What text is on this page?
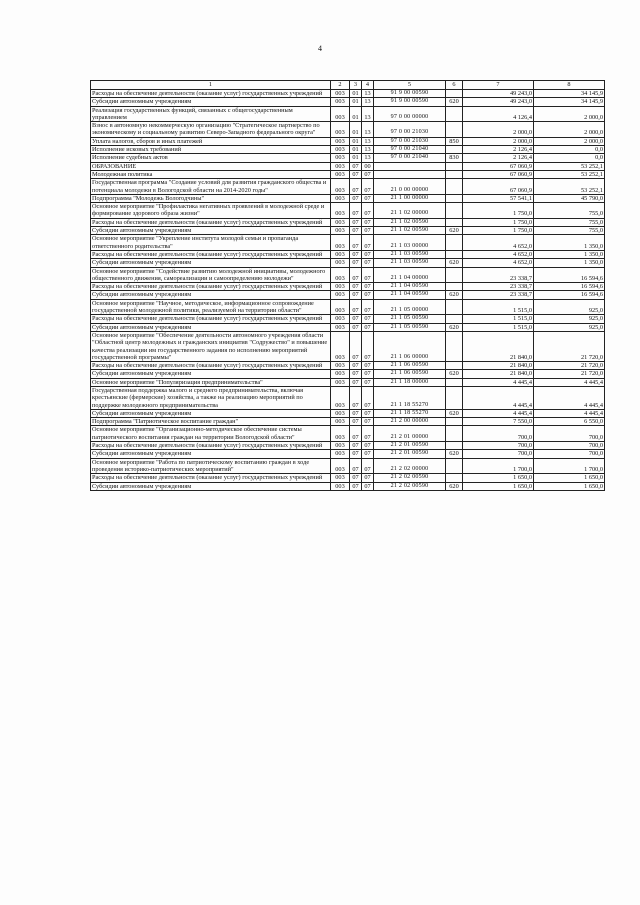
4
1	2	3	4	5	6	7	8
Расходы на обеспечение деятельности (оказание услуг) государственных учреждений	003	01	13	91 9 00 00590		49 243,0	34 145,9
Субсидии автономным учреждениям	003	01	13	91 9 00 00590	620	49 243,0	34 145,9
Реализация государственных функций, связанных с общегосударственным управлением	003	01	13	97 0 00 00000		4 126,4	2 000,0
Взнос в автономную некоммерческую организацию "Стратегическое партнерство по экономическому и социальному развитию Северо-Западного федерального округа"	003	01	13	97 0 00 21030		2 000,0	2 000,0
Уплата налогов, сборов и иных платежей	003	01	13	97 0 00 21030	850	2 000,0	2 000,0
Исполнение исковых требований	003	01	13	97 0 00 21040		2 126,4	0,0
Исполнение судебных актов	003	01	13	97 0 00 21040	830	2 126,4	0,0
ОБРАЗОВАНИЕ	003	07	00			67 060,9	53 252,1
Молодежная политика	003	07	07			67 060,9	53 252,1
Государственная программа "Создание условий для развития гражданского общества и потенциала молодежи в Вологодской области на 2014-2020 годы"	003	07	07	21 0 00 00000		67 060,9	53 252,1
Подпрограмма "Молодежь Вологодчины"	003	07	07	21 1 00 00000		57 541,1	45 790,0
Основное мероприятие "Профилактика негативных проявлений в молодежной среде и формирование здорового образа жизни"	003	07	07	21 1 02 00000		1 750,0	755,0
Расходы на обеспечение деятельности (оказание услуг) государственных учреждений	003	07	07	21 1 02 00590		1 750,0	755,0
Субсидии автономным учреждениям	003	07	07	21 1 02 00590	620	1 750,0	755,0
Основное мероприятие "Укрепление института молодой семьи и пропаганда ответственного родительства"	003	07	07	21 1 03 00000		4 652,0	1 350,0
Расходы на обеспечение деятельности (оказание услуг) государственных учреждений	003	07	07	21 1 03 00590		4 652,0	1 350,0
Субсидии автономным учреждениям	003	07	07	21 1 03 00590	620	4 652,0	1 350,0
Основное мероприятие "Содействие развитию молодежной инициативы, молодежного общественного движения, самореализации и самоопределению молодежи"	003	07	07	21 1 04 00000		23 338,7	16 594,6
Расходы на обеспечение деятельности (оказание услуг) государственных учреждений	003	07	07	21 1 04 00590		23 338,7	16 594,6
Субсидии автономным учреждениям	003	07	07	21 1 04 00590	620	23 338,7	16 594,6
Основное мероприятие "Научное, методическое, информационное сопровождение государственной молодежной политики, реализуемой на территории области"	003	07	07	21 1 05 00000		1 515,0	925,0
Расходы на обеспечение деятельности (оказание услуг) государственных учреждений	003	07	07	21 1 05 00590		1 515,0	925,0
Субсидии автономным учреждениям	003	07	07	21 1 05 00590	620	1 515,0	925,0
Основное мероприятие "Обеспечение деятельности автономного учреждения области "Областной центр молодежных и гражданских инициатив "Содружество" и повышение качества реализации им государственного задания по исполнению мероприятий государственной программы"	003	07	07	21 1 06 00000		21 840,0	21 720,0
Расходы на обеспечение деятельности (оказание услуг) государственных учреждений	003	07	07	21 1 06 00590		21 840,0	21 720,0
Субсидии автономным учреждениям	003	07	07	21 1 06 00590	620	21 840,0	21 720,0
Основное мероприятие "Популяризация предпринимательства"	003	07	07	21 1 18 00000		4 445,4	4 445,4
Государственная поддержка малого и среднего предпринимательства, включая крестьянские (фермерские) хозяйства, а также на реализацию мероприятий по поддержке молодежного предпринимательства	003	07	07	21 1 18 55270		4 445,4	4 445,4
Субсидии автономным учреждениям	003	07	07	21 1 18 55270	620	4 445,4	4 445,4
Подпрограмма "Патриотическое воспитание граждан"	003	07	07	21 2 00 00000		7 550,0	6 550,0
Основное мероприятие "Организационно-методическое обеспечение системы патриотического воспитания граждан на территории Вологодской области"	003	07	07	21 2 01 00000		700,0	700,0
Расходы на обеспечение деятельности (оказание услуг) государственных учреждений	003	07	07	21 2 01 00590		700,0	700,0
Субсидии автономным учреждениям	003	07	07	21 2 01 00590	620	700,0	700,0
Основное мероприятие "Работа по патриотическому воспитанию граждан в ходе проведения историко-патриотических мероприятий"	003	07	07	21 2 02 00000		1 700,0	1 700,0
Расходы на обеспечение деятельности (оказание услуг) государственных учреждений	003	07	07	21 2 02 00590		1 650,0	1 650,0
Субсидии автономным учреждениям	003	07	07	21 2 02 00590	620	1 650,0	1 650,0
